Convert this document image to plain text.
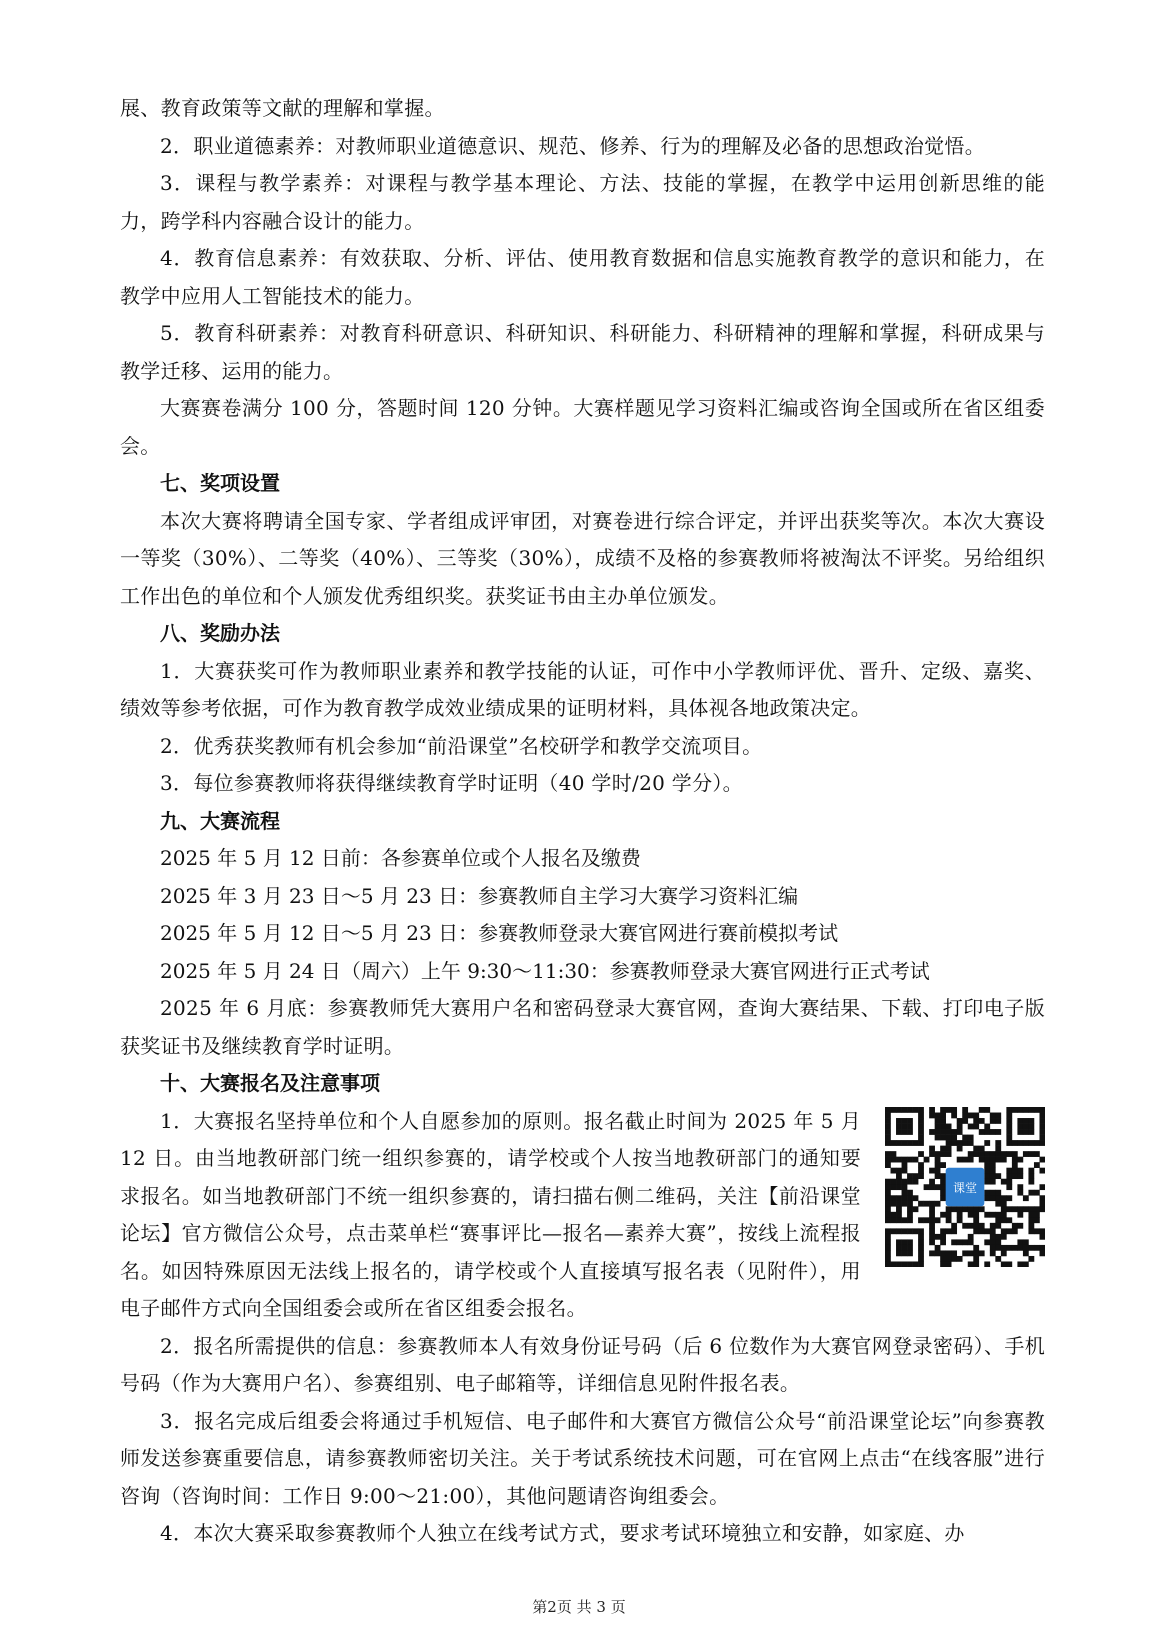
展、教育政策等文献的理解和掌握。

2．职业道德素养：对教师职业道德意识、规范、修养、行为的理解及必备的思想政治觉悟。

3．课程与教学素养：对课程与教学基本理论、方法、技能的掌握，在教学中运用创新思维的能力，跨学科内容融合设计的能力。

4．教育信息素养：有效获取、分析、评估、使用教育数据和信息实施教育教学的意识和能力，在教学中应用人工智能技术的能力。

5．教育科研素养：对教育科研意识、科研知识、科研能力、科研精神的理解和掌握，科研成果与教学迁移、运用的能力。

大赛赛卷满分 100 分，答题时间 120 分钟。大赛样题见学习资料汇编或咨询全国或所在省区组委会。

七、奖项设置

本次大赛将聘请全国专家、学者组成评审团，对赛卷进行综合评定，并评出获奖等次。本次大赛设一等奖（30%）、二等奖（40%）、三等奖（30%），成绩不及格的参赛教师将被淘汰不评奖。另给组织工作出色的单位和个人颁发优秀组织奖。获奖证书由主办单位颁发。

八、奖励办法

1．大赛获奖可作为教师职业素养和教学技能的认证，可作中小学教师评优、晋升、定级、嘉奖、绩效等参考依据，可作为教育教学成效业绩成果的证明材料，具体视各地政策决定。

2．优秀获奖教师有机会参加“前沿课堂”名校研学和教学交流项目。

3．每位参赛教师将获得继续教育学时证明（40 学时/20 学分）。

九、大赛流程

2025 年 5 月 12 日前：各参赛单位或个人报名及缴费

2025 年 3 月 23 日～5 月 23 日：参赛教师自主学习大赛学习资料汇编

2025 年 5 月 12 日～5 月 23 日：参赛教师登录大赛官网进行赛前模拟考试

2025 年 5 月 24 日（周六）上午 9:30～11:30：参赛教师登录大赛官网进行正式考试

2025 年 6 月底：参赛教师凭大赛用户名和密码登录大赛官网，查询大赛结果、下载、打印电子版获奖证书及继续教育学时证明。

十、大赛报名及注意事项

课堂

1．大赛报名坚持单位和个人自愿参加的原则。报名截止时间为 2025 年 5 月 12 日。由当地教研部门统一组织参赛的，请学校或个人按当地教研部门的通知要求报名。如当地教研部门不统一组织参赛的，请扫描右侧二维码，关注【前沿课堂论坛】官方微信公众号，点击菜单栏“赛事评比—报名—素养大赛”，按线上流程报名。如因特殊原因无法线上报名的，请学校或个人直接填写报名表（见附件），用电子邮件方式向全国组委会或所在省区组委会报名。

2．报名所需提供的信息：参赛教师本人有效身份证号码（后 6 位数作为大赛官网登录密码）、手机号码（作为大赛用户名）、参赛组别、电子邮箱等，详细信息见附件报名表。

3．报名完成后组委会将通过手机短信、电子邮件和大赛官方微信公众号“前沿课堂论坛”向参赛教师发送参赛重要信息，请参赛教师密切关注。关于考试系统技术问题，可在官网上点击“在线客服”进行咨询（咨询时间：工作日 9:00～21:00），其他问题请咨询组委会。

4．本次大赛采取参赛教师个人独立在线考试方式，要求考试环境独立和安静，如家庭、办

第2页 共 3 页
